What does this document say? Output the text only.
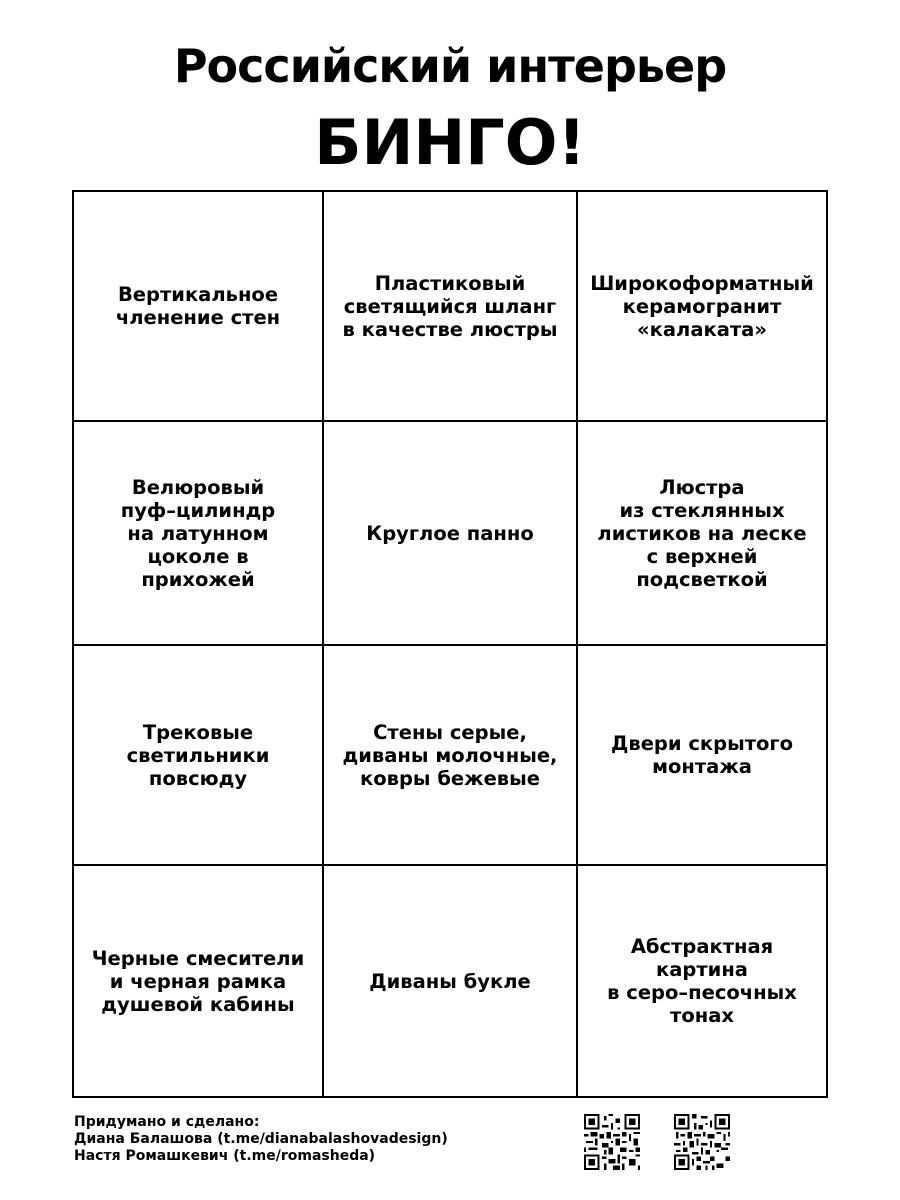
Российский интерьер
БИНГО!
Вертикальное
членение стен
Пластиковый
светящийся шланг
в качестве люстры
Широкоформатный
керамогранит
«калаката»
Велюровый
пуф–цилиндр
на латунном
цоколе в прихожей
Круглое панно
Люстра
из стеклянных
листиков на леске
с верхней
подсветкой
Трековые
светильники
повсюду
Стены серые,
диваны молочные,
ковры бежевые
Двери скрытого
монтажа
Черные смесители
и черная рамка
душевой кабины
Диваны букле
Абстрактная
картина
в серо–песочных
тонах
Придумано и сделано:
Диана Балашова (t.me/dianabalashovadesign)
Настя Ромашкевич (t.me/romasheda)
